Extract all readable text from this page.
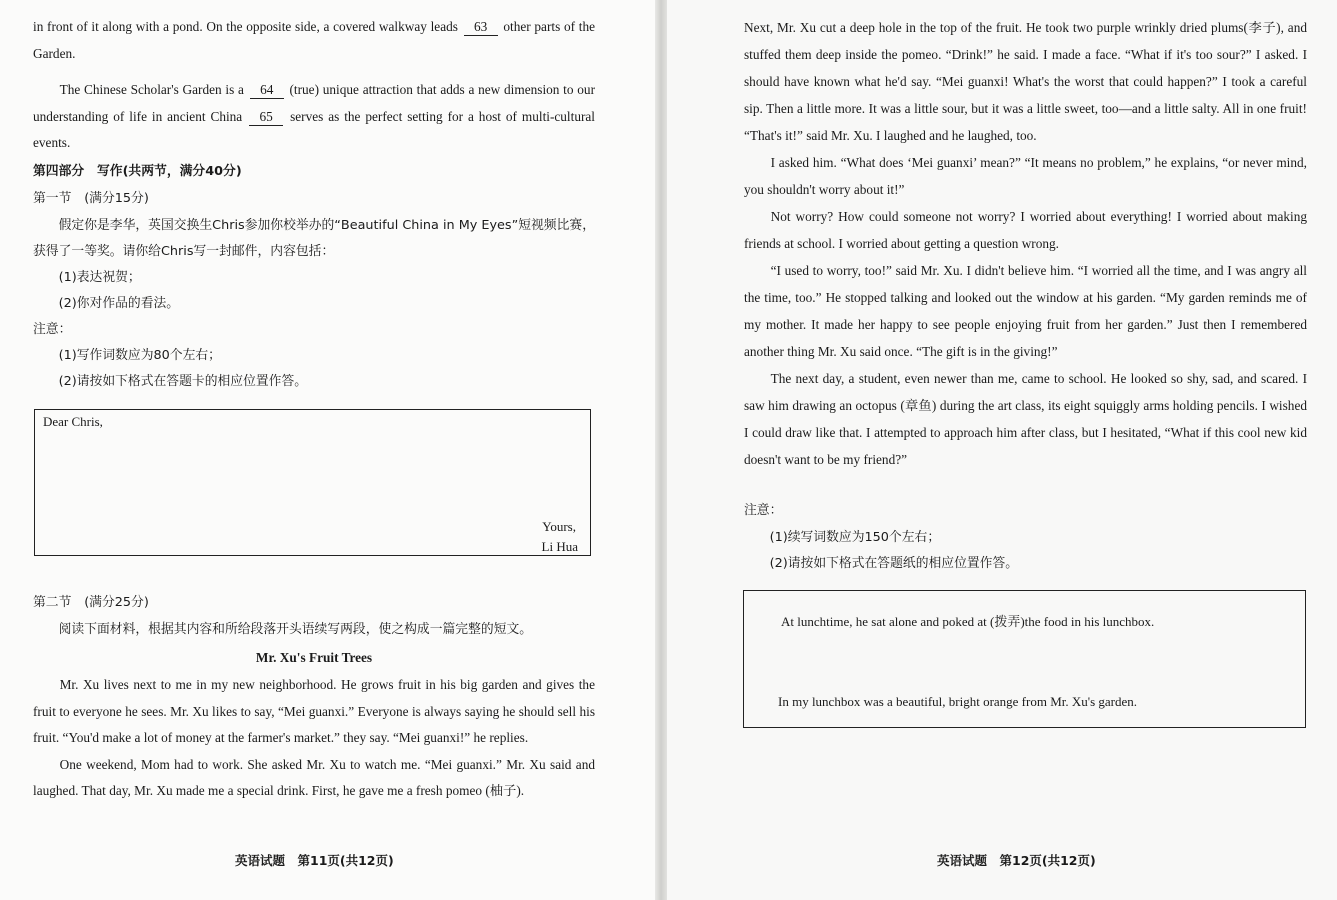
in front of it along with a pond. On the opposite side, a covered walkway leads 63 other parts of the Garden.

The Chinese Scholar's Garden is a 64 (true) unique attraction that adds a new dimension to our understanding of life in ancient China 65 serves as the perfect setting for a host of multi-cultural events.

第四部分　写作(共两节，满分40分)
第一节　(满分15分)

假定你是李华，英国交换生Chris参加你校举办的“Beautiful China in My Eyes”短视频比赛，获得了一等奖。请你给Chris写一封邮件，内容包括：

(1)表达祝贺；

(2)你对作品的看法。

注意：

(1)写作词数应为80个左右；

(2)请按如下格式在答题卡的相应位置作答。

Dear Chris,
Yours,
Li Hua
第二节　(满分25分)

阅读下面材料，根据其内容和所给段落开头语续写两段，使之构成一篇完整的短文。

Mr. Xu's Fruit Trees

Mr. Xu lives next to me in my new neighborhood. He grows fruit in his big garden and gives the fruit to everyone he sees. Mr. Xu likes to say, “Mei guanxi.” Everyone is always saying he should sell his fruit. “You'd make a lot of money at the farmer's market.” they say. “Mei guanxi!” he replies.

One weekend, Mom had to work. She asked Mr. Xu to watch me. “Mei guanxi.” Mr. Xu said and laughed. That day, Mr. Xu made me a special drink. First, he gave me a fresh pomeo (柚子).

英语试题　第11页(共12页)

Next, Mr. Xu cut a deep hole in the top of the fruit. He took two purple wrinkly dried plums(李子), and stuffed them deep inside the pomeo. “Drink!” he said. I made a face. “What if it's too sour?” I asked. I should have known what he'd say. “Mei guanxi! What's the worst that could happen?” I took a careful sip. Then a little more. It was a little sour, but it was a little sweet, too—and a little salty. All in one fruit! “That's it!” said Mr. Xu. I laughed and he laughed, too.

I asked him. “What does ‘Mei guanxi’ mean?” “It means no problem,” he explains, “or never mind, you shouldn't worry about it!”

Not worry? How could someone not worry? I worried about everything! I worried about making friends at school. I worried about getting a question wrong.

“I used to worry, too!” said Mr. Xu. I didn't believe him. “I worried all the time, and I was angry all the time, too.” He stopped talking and looked out the window at his garden. “My garden reminds me of my mother. It made her happy to see people enjoying fruit from her garden.” Just then I remembered another thing Mr. Xu said once. “The gift is in the giving!”

The next day, a student, even newer than me, came to school. He looked so shy, sad, and scared. I saw him drawing an octopus (章鱼) during the art class, its eight squiggly arms holding pencils. I wished I could draw like that. I attempted to approach him after class, but I hesitated, “What if this cool new kid doesn't want to be my friend?”

注意：

(1)续写词数应为150个左右；

(2)请按如下格式在答题纸的相应位置作答。

At lunchtime, he sat alone and poked at (拨弄)the food in his lunchbox.
In my lunchbox was a beautiful, bright orange from Mr. Xu's garden.
英语试题　第12页(共12页)
